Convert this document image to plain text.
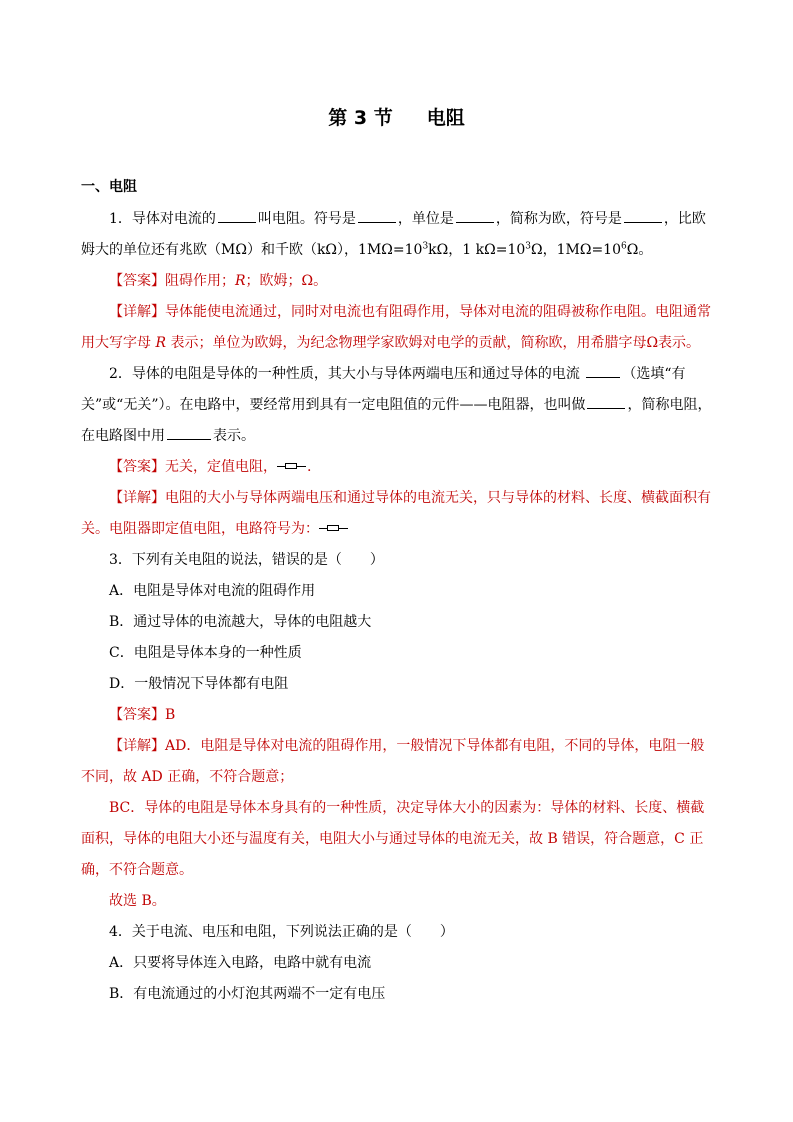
第 3 节 电阻
一、电阻

1．导体对电流的	叫电阻。符号是	，单位是	，简称为欧，符号是	，比欧

姆大的单位还有兆欧（MΩ）和千欧（kΩ），$1M\Omega=10^3k\Omega$，1 $k\Omega=10^3\Omega$，$1M\Omega=10^6\Omega$。

【答案】阻碍作用；R；欧姆；Ω。

【详解】导体能使电流通过，同时对电流也有阻碍作用，导体对电流的阻碍被称作电阻。电阻通常用大写字母 R 表示；单位为欧姆，为纪念物理学家欧姆对电学的贡献，简称欧，用希腊字母Ω表示。

2．导体的电阻是导体的一种性质，其大小与导体两端电压和通过导体的电流	（选填“有关”或“无关”）。在电路中，要经常用到具有一定电阻值的元件——电阻器，也叫做	，简称电阻，在电路图中用	表示。

【答案】无关，定值电阻， .

【详解】电阻的大小与导体两端电压和通过导体的电流无关，只与导体的材料、长度、横截面积有关。电阻器即定值电阻，电路符号为：

3．下列有关电阻的说法，错误的是（　　）

A．电阻是导体对电流的阻碍作用

B．通过导体的电流越大，导体的电阻越大

C．电阻是导体本身的一种性质

D．一般情况下导体都有电阻

【答案】B

【详解】AD．电阻是导体对电流的阻碍作用，一般情况下导体都有电阻，不同的导体，电阻一般不同，故 AD 正确，不符合题意；

BC．导体的电阻是导体本身具有的一种性质，决定导体大小的因素为：导体的材料、长度、横截面积，导体的电阻大小还与温度有关，电阻大小与通过导体的电流无关，故 B 错误，符合题意，C 正确，不符合题意。

故选 B。

4．关于电流、电压和电阻，下列说法正确的是（　　）

A．只要将导体连入电路，电路中就有电流

B．有电流通过的小灯泡其两端不一定有电压
